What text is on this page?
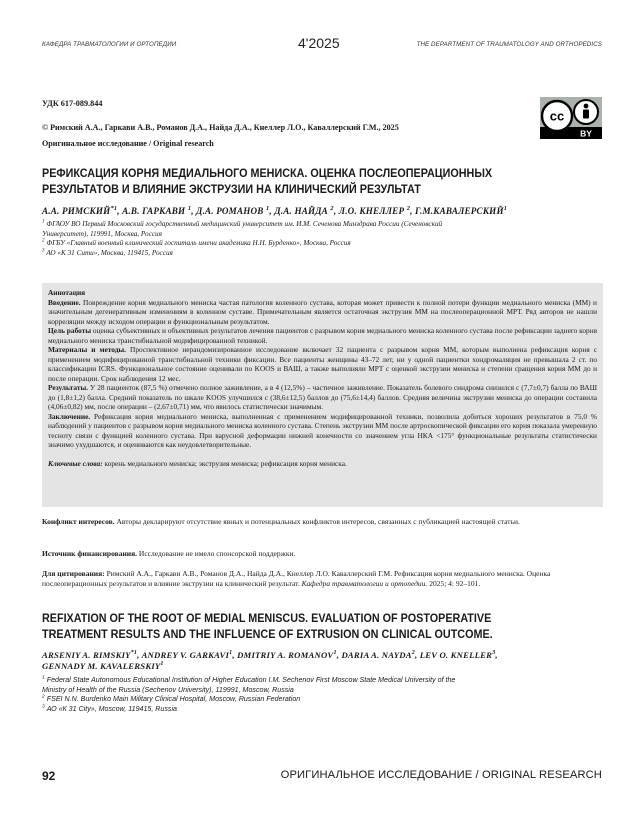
КАФЕДРА ТРАВМАТОЛОГИИ И ОРТОПЕДИИ	4'2025	THE DEPARTMENT OF TRAUMATOLOGY AND ORTHOPEDICS
УДК 617-089.844
© Римский А.А., Гаркави А.В., Романов Д.А., Найда Д.А., Кнеллер Л.О., Каваллерский Г.М., 2025
Оригинальное исследование / Original research
cc
BY
РЕФИКСАЦИЯ КОРНЯ МЕДИАЛЬНОГО МЕНИСКА. ОЦЕНКА ПОСЛЕОПЕРАЦИОННЫХ
РЕЗУЛЬТАТОВ И ВЛИЯНИЕ ЭКСТРУЗИИ НА КЛИНИЧЕСКИЙ РЕЗУЛЬТАТ
А.А. РИМСКИЙ$^{*1}$, А.В. ГАРКАВИ $^1$, Д.А. РОМАНОВ $^1$, Д.А. НАЙДА $^2$, Л.О. КНЕЛЛЕР $^2$, Г.М.КАВАЛЕРСКИЙ$^1$
$^1$ ФГАОУ ВО Первый Московский государственный медицинский университет им. И.М. Сеченова Минздрава России (Сеченовский
Университет), 119991, Москва, Россия
$^2$ ФГБУ «Главный военный клинический госпиталь имени академика Н.Н. Бурденко», Москва, Россия
$^3$ АО «К 31 Сити», Москва, 119415, Россия
Аннотация
Введение. Повреждение корня медиального мениска частая патология коленного сустава, которая может привести к полной потери функции медиального мениска (ММ) и значительным дегенеративным изменениям в коленном суставе. Примечательным является остаточная экструзия ММ на послеоперационной МРТ. Ряд авторов не нашли корреляции между исходом операции и функциональным результатом.
Цель работы оценка субъективных и объективных результатов лечения пациентов с разрывом корня медиального мениска коленного сустава после рефиксации заднего корня медиального мениска транстибиальной модифицированной техникой.
Материалы и методы. Проспективное нерандомизированное исследование включает 32 пациента с разрывом корня ММ, которым выполнена рефиксация корня с применением модифицированной транстибиальной техники фиксации. Все пациенты женщины 43–72 лет, ни у одной пациентки хондромаляция не превышала 2 ст. по классификации ICRS. Функциональное состояние оценивали по KOOS и ВАШ, а также выполняли МРТ с оценкой экструзии мениска и степени сращения корня ММ до и после операции. Срок наблюдения 12 мес.
Результаты. У 28 пациенток (87,5 %) отмечено полное заживление, а в 4 (12,5%) – частичное заживление. Показатель болевого синдрома снизился с (7,7±0,7) балла по ВАШ до (1,8±1,2) балла. Средний показатель по шкале KOOS улучшился с (38,6±12,5) баллов до (75,6±14,4) баллов. Средняя величина экструзии мениска до операции составила (4,06±0,82) мм, после операции – (2,67±0,71) мм, что явилось статистически значимым.
Заключение. Рефиксация корня медиального мениска, выполненная с применением модифицированной техники, позволила добиться хороших результатов в 75,0 % наблюдений у пациентов с разрывом корня медиального мениска коленного сустава. Степень экструзии ММ после артроскопической фиксации его корня показала умеренную тесноту связи с функцией коленного сустава. При варусной деформации нижней конечности со значением угла НКА <175° функциональные результаты статистически значимо ухудшаются, и оцениваются как неудовлетворительные.
Ключевые слова: корень медиального мениска; экструзия мениска; рефиксация корня мениска.
Конфликт интересов. Авторы декларируют отсутствие явных и потенциальных конфликтов интересов, связанных с публикацией настоящей статьи.
Источник финансирования. Исследование не имело спонсорской поддержки.
Для цитирования: Римский А.А., Гаркави А.В., Романов Д.А., Найда Д.А., Кнеллер Л.О. Каваллерский Г.М. Рефиксация корня медиального мениска. Оценка послеоперационных результатов и влияние экструзии на клинический результат. Кафедра травматологии и ортопедии. 2025; 4: 92–101.
REFIXATION OF THE ROOT OF MEDIAL MENISCUS. EVALUATION OF POSTOPERATIVE
TREATMENT RESULTS AND THE INFLUENCE OF EXTRUSION ON CLINICAL OUTCOME.
ARSENIY A. RIMSKIY$^{*1}$, ANDREY V. GARKAVI$^1$, DMITRIY A. ROMANOV$^1$, DARIA A. NAYDA$^2$, LEV O. KNELLER$^3$,
GENNADY M. KAVALERSKIY$^1$
$^1$ Federal State Autonomous Educational Institution of Higher Education I.M. Sechenov First Moscow State Medical University of the
Ministry of Health of the Russia (Sechenov University), 119991, Moscow, Russia
$^2$ FSEI N.N. Burdenko Main Military Clinical Hospital, Moscow, Russian Federation
$^3$ АО «К 31 City», Moscow, 119415, Russia
92	ОРИГИНАЛЬНОЕ ИССЛЕДОВАНИЕ / ORIGINAL RESEARCH
